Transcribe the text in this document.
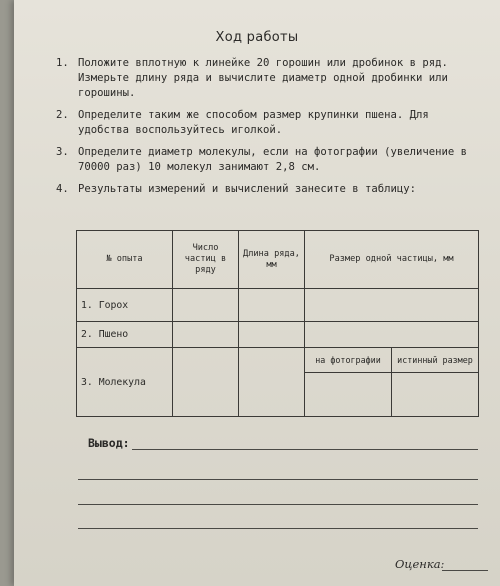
Ход работы
1. Положите вплотную к линейке 20 горошин или дробинок в ряд. Измерьте длину ряда и вычислите диаметр одной дробинки или горошины.
2. Определите таким же способом размер крупинки пшена. Для удобства воспользуйтесь иголкой.
3. Определите диаметр молекулы, если на фотографии (увеличение в 70000 раз) 10 молекул занимают 2,8 см.
4. Результаты измерений и вычислений занесите в таблицу:
№ опыта	Число частиц в ряду	Длина ряда, мм	Размер одной частицы, мм	
1. Горох				
2. Пшено				
3. Молекула			на фотографии	истинный размер

Вывод:
Оценка:
